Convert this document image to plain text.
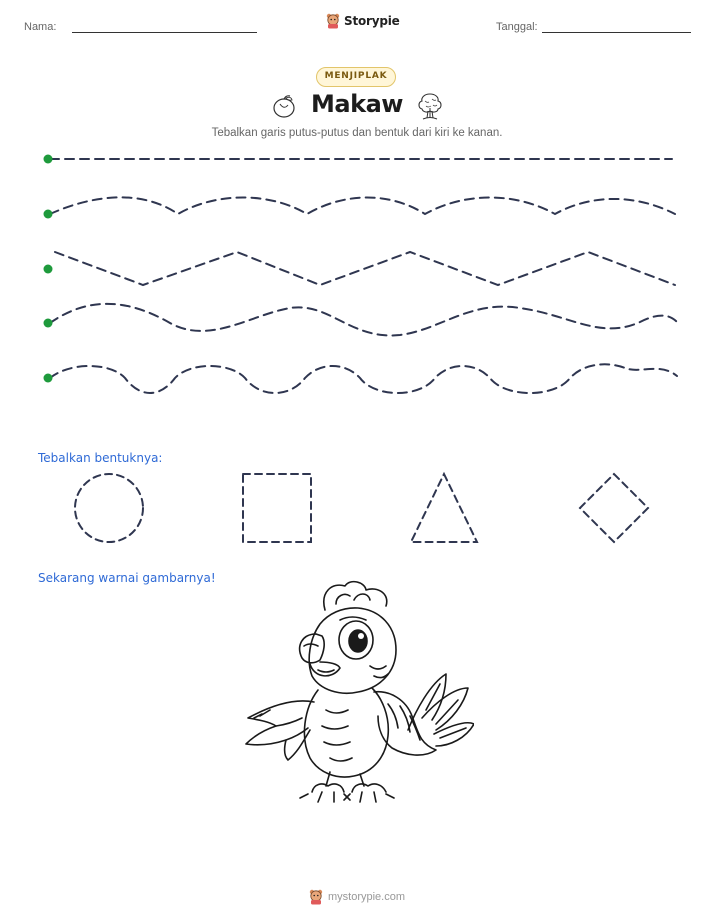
Nama:	Storypie	Tanggal:
MENJIPLAK
Makaw
Tebalkan garis putus-putus dan bentuk dari kiri ke kanan.
Tebalkan bentuknya:
Sekarang warnai gambarnya!
mystorypie.com
